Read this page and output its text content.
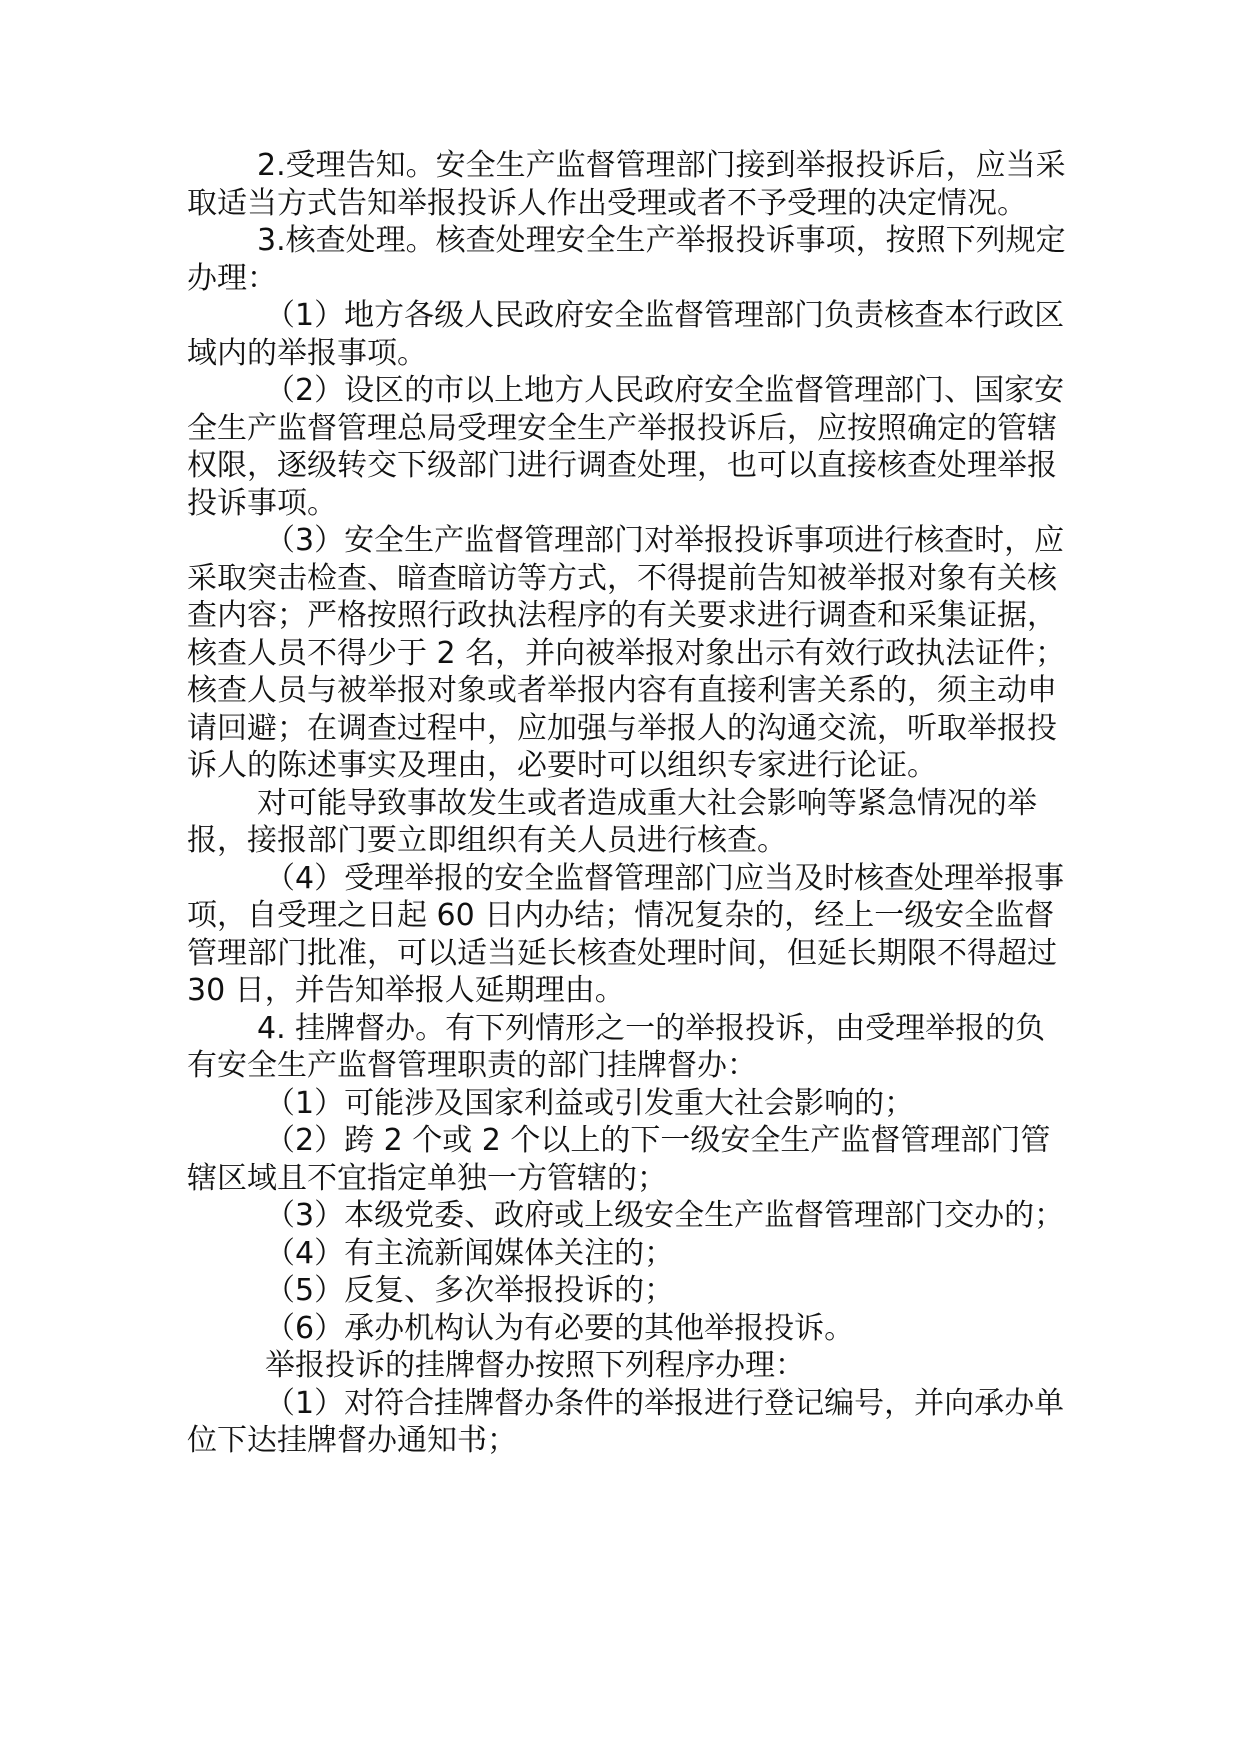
2.受理告知。安全生产监督管理部门接到举报投诉后，应当采取适当方式告知举报投诉人作出受理或者不予受理的决定情况。

3.核查处理。核查处理安全生产举报投诉事项，按照下列规定办理：

（1）地方各级人民政府安全监督管理部门负责核查本行政区域内的举报事项。

（2）设区的市以上地方人民政府安全监督管理部门、国家安全生产监督管理总局受理安全生产举报投诉后，应按照确定的管辖权限，逐级转交下级部门进行调查处理，也可以直接核查处理举报投诉事项。

（3）安全生产监督管理部门对举报投诉事项进行核查时，应采取突击检查、暗查暗访等方式，不得提前告知被举报对象有关核查内容；严格按照行政执法程序的有关要求进行调查和采集证据，核查人员不得少于 2 名，并向被举报对象出示有效行政执法证件；核查人员与被举报对象或者举报内容有直接利害关系的，须主动申请回避；在调查过程中，应加强与举报人的沟通交流，听取举报投诉人的陈述事实及理由，必要时可以组织专家进行论证。

对可能导致事故发生或者造成重大社会影响等紧急情况的举报，接报部门要立即组织有关人员进行核查。

（4）受理举报的安全监督管理部门应当及时核查处理举报事项，自受理之日起 60 日内办结；情况复杂的，经上一级安全监督管理部门批准，可以适当延长核查处理时间，但延长期限不得超过 30 日，并告知举报人延期理由。

4. 挂牌督办。有下列情形之一的举报投诉，由受理举报的负有安全生产监督管理职责的部门挂牌督办：

（1）可能涉及国家利益或引发重大社会影响的；

（2）跨 2 个或 2 个以上的下一级安全生产监督管理部门管辖区域且不宜指定单独一方管辖的；

（3）本级党委、政府或上级安全生产监督管理部门交办的；

（4）有主流新闻媒体关注的；

（5）反复、多次举报投诉的；

（6）承办机构认为有必要的其他举报投诉。

举报投诉的挂牌督办按照下列程序办理：

（1）对符合挂牌督办条件的举报进行登记编号，并向承办单位下达挂牌督办通知书；
